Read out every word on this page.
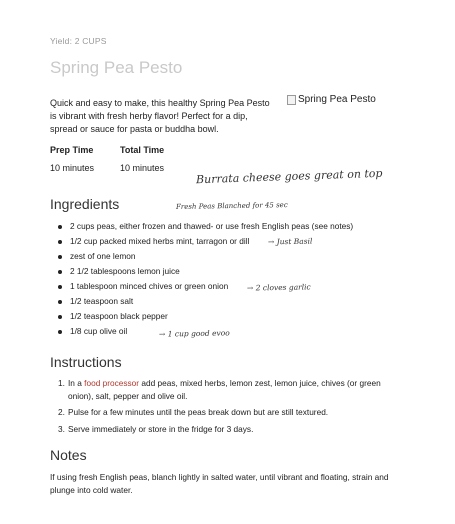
Yield: 2 CUPS
Spring Pea Pesto

Quick and easy to make, this healthy Spring Pea Pesto is vibrant with fresh herby flavor! Perfect for a dip, spread or sauce for pasta or buddha bowl.

Spring Pea Pesto
Prep Time
10 minutes
Total Time
10 minutes
Ingredients
2 cups peas, either frozen and thawed- or use fresh English peas (see notes)
1/2 cup packed mixed herbs mint, tarragon or dill
zest of one lemon
2 1/2 tablespoons lemon juice
1 tablespoon minced chives or green onion
1/2 teaspoon salt
1/2 teaspoon black pepper
1/8 cup olive oil
Instructions
1. In a food processor add peas, mixed herbs, lemon zest, lemon juice, chives (or green onion), salt, pepper and olive oil.
2. Pulse for a few minutes until the peas break down but are still textured.
3. Serve immediately or store in the fridge for 3 days.
Notes

If using fresh English peas, blanch lightly in salted water, until vibrant and floating, strain and plunge into cold water.

Burrata cheese goes great on top
Fresh Peas Blanched for 45 sec
→ Just Basil
→ 2 cloves garlic
→ 1 cup good evoo
